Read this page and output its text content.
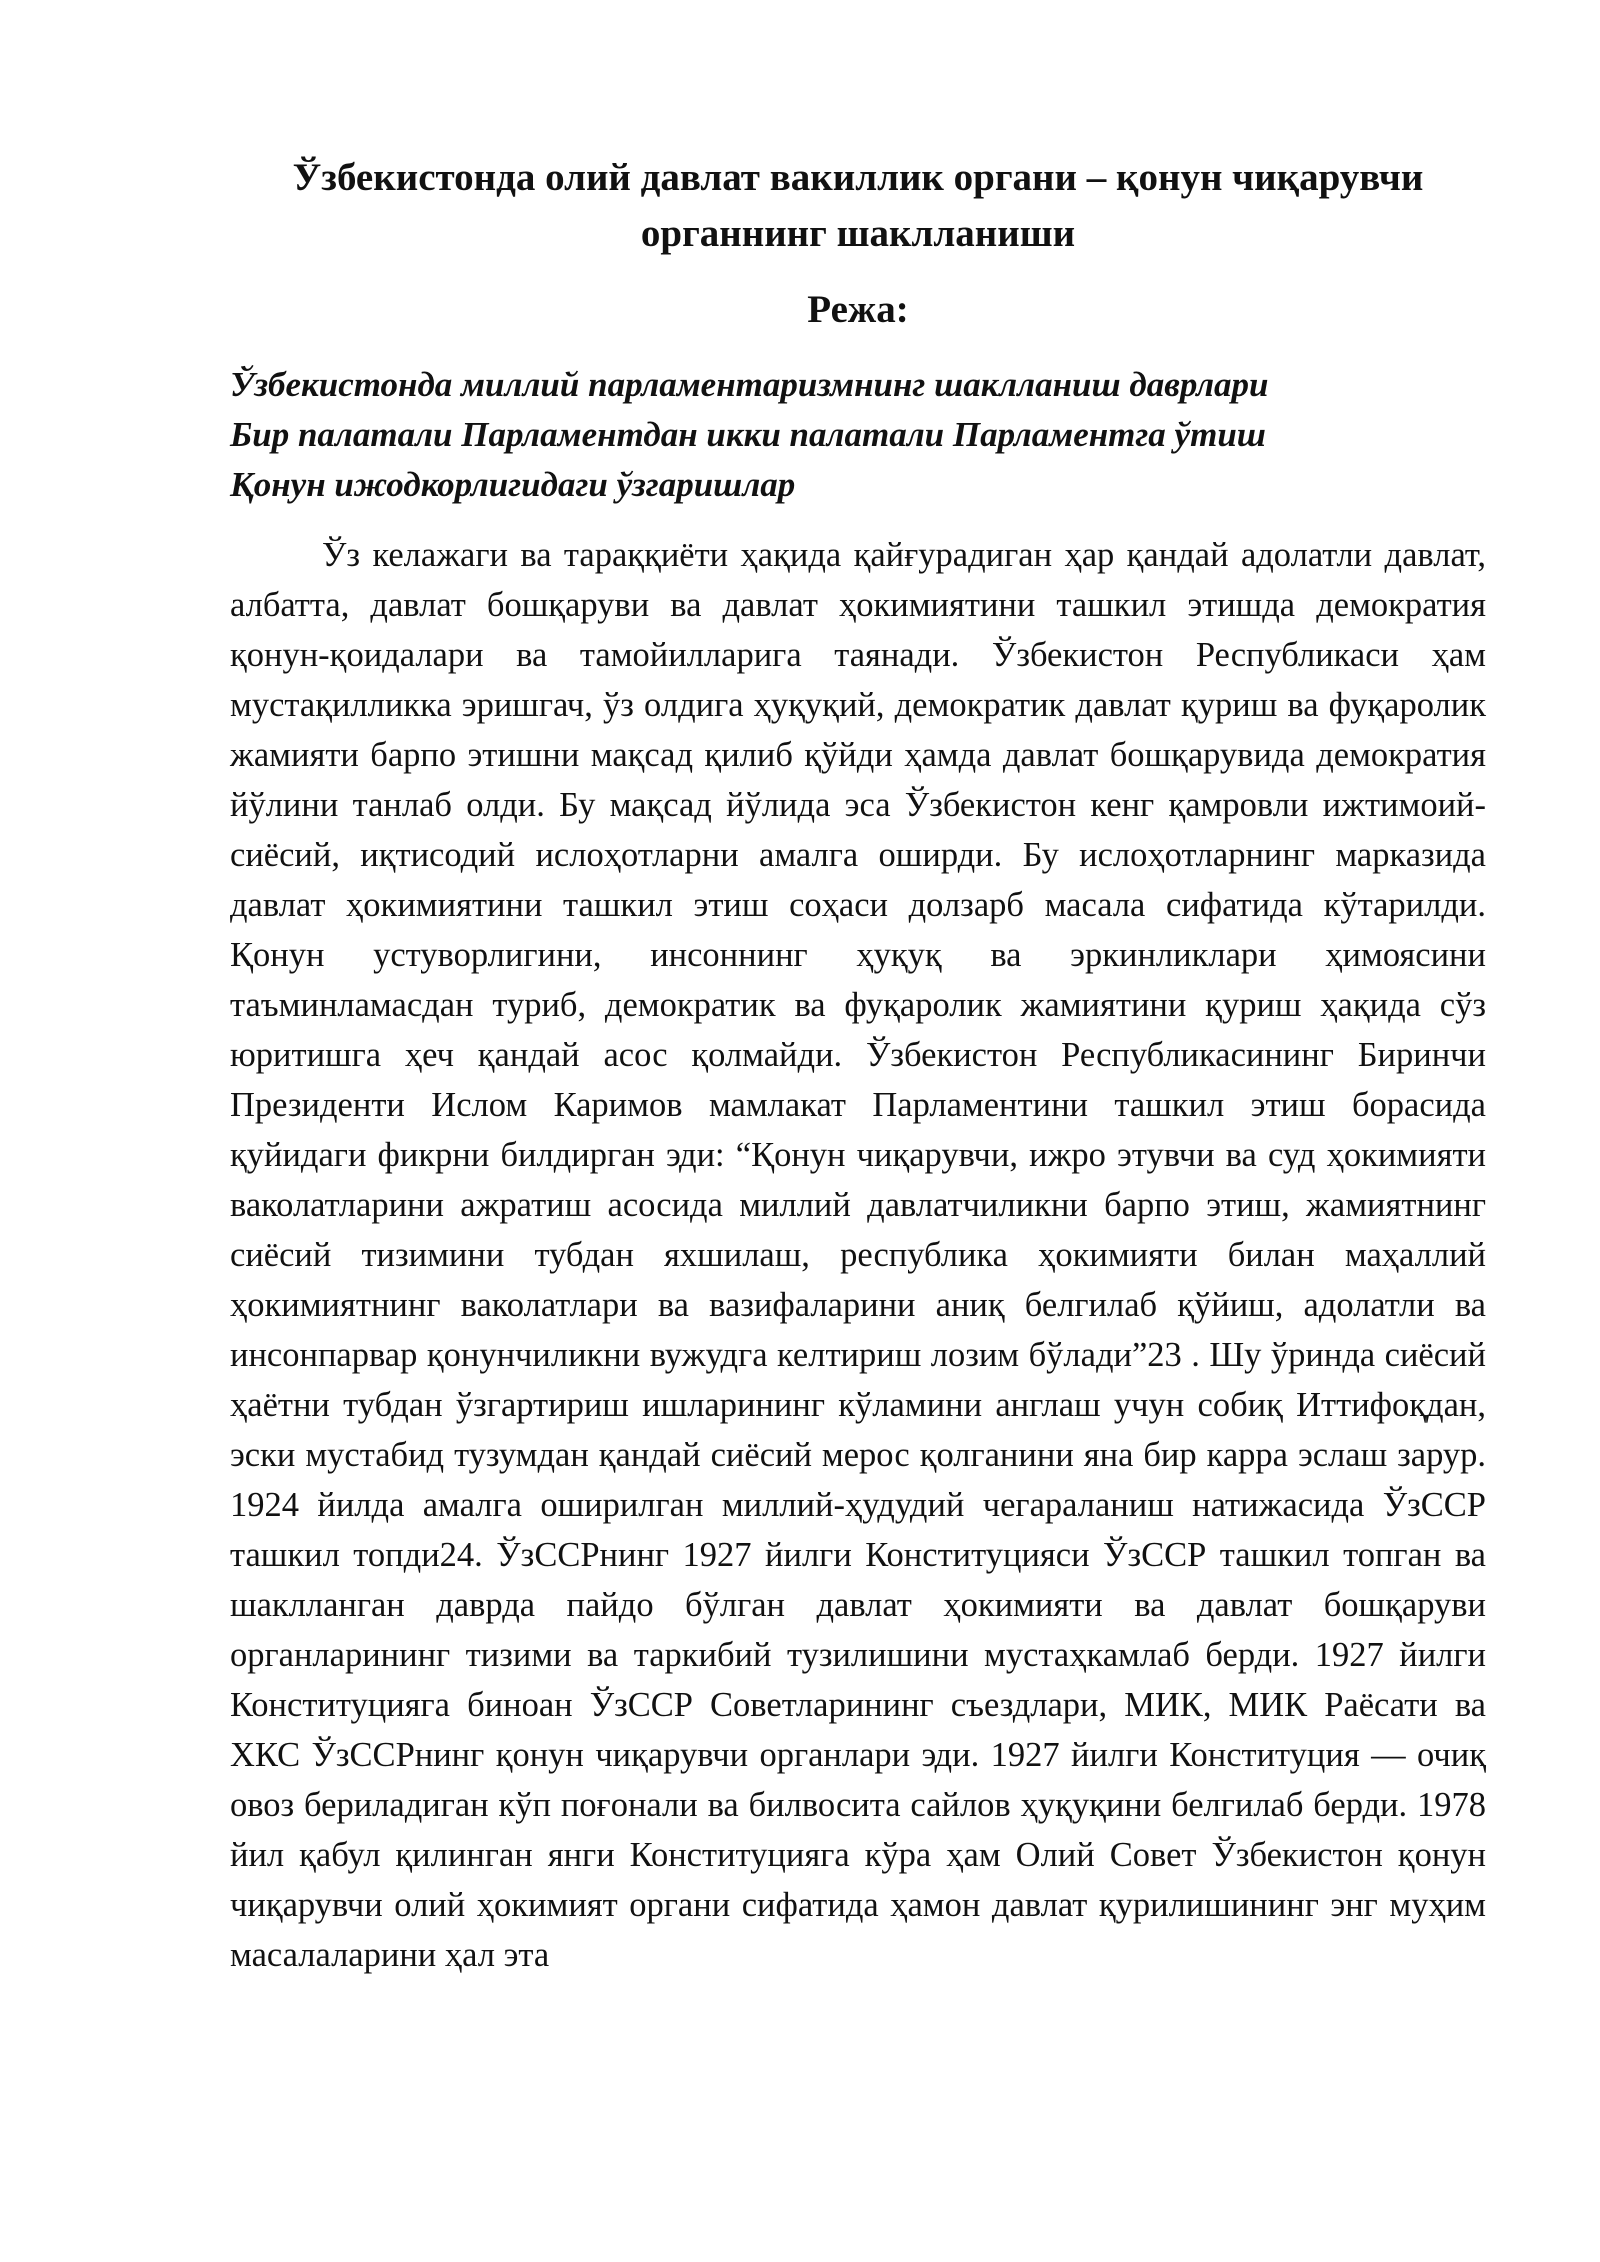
Ўзбекистонда олий давлат вакиллик органи – қонун чиқарувчи органнинг шаклланиши
Режа:
Ўзбекистонда миллий парламентаризмнинг шаклланиш даврлари
Бир палатали Парламентдан икки палатали Парламентга ўтиш
Қонун ижодкорлигидаги ўзгаришлар

Ўз келажаги ва тараққиёти ҳақида қайғурадиган ҳар қандай адолатли давлат, албатта, давлат бошқаруви ва давлат ҳокимиятини ташкил этишда демократия қонун-қоидалари ва тамойилларига таянади. Ўзбекистон Республикаси ҳам мустақилликка эришгач, ўз олдига ҳуқуқий, демократик давлат қуриш ва фуқаролик жамияти барпо этишни мақсад қилиб қўйди ҳамда давлат бошқарувида демократия йўлини танлаб олди. Бу мақсад йўлида эса Ўзбекистон кенг қамровли ижтимоий-сиёсий, иқтисодий ислоҳотларни амалга оширди. Бу ислоҳотларнинг марказида давлат ҳокимиятини ташкил этиш соҳаси долзарб масала сифатида кўтарилди. Қонун устуворлигини, инсоннинг ҳуқуқ ва эркинликлари ҳимоясини таъминламасдан туриб, демократик ва фуқаролик жамиятини қуриш ҳақида сўз юритишга ҳеч қандай асос қолмайди. Ўзбекистон Республикасининг Биринчи Президенти Ислом Каримов мамлакат Парламентини ташкил этиш борасида қуйидаги фикрни билдирган эди: “Қонун чиқарувчи, ижро этувчи ва суд ҳокимияти ваколатларини ажратиш асосида миллий давлатчиликни барпо этиш, жамиятнинг сиёсий тизимини тубдан яхшилаш, республика ҳокимияти билан маҳаллий ҳокимиятнинг ваколатлари ва вазифаларини аниқ белгилаб қўйиш, адолатли ва инсонпарвар қонунчиликни вужудга келтириш лозим бўлади”23 . Шу ўринда сиёсий ҳаётни тубдан ўзгартириш ишларининг кўламини англаш учун собиқ Иттифоқдан, эски мустабид тузумдан қандай сиёсий мерос қолганини яна бир карра эслаш зарур. 1924 йилда амалга оширилган миллий-ҳудудий чегараланиш натижасида ЎзССР ташкил топди24. ЎзССРнинг 1927 йилги Конституцияси ЎзССР ташкил топган ва шаклланган даврда пайдо бўлган давлат ҳокимияти ва давлат бошқаруви органларининг тизими ва таркибий тузилишини мустаҳкамлаб берди. 1927 йилги Конституцияга биноан ЎзССР Советларининг съездлари, МИК, МИК Раёсати ва ХКС ЎзССРнинг қонун чиқарувчи органлари эди. 1927 йилги Конституция — очиқ овоз бериладиган кўп поғонали ва билвосита сайлов ҳуқуқини белгилаб берди. 1978 йил қабул қилинган янги Конституцияга кўра ҳам Олий Совет Ўзбекистон қонун чиқарувчи олий ҳокимият органи сифатида ҳамон давлат қурилишининг энг муҳим масалаларини ҳал эта
